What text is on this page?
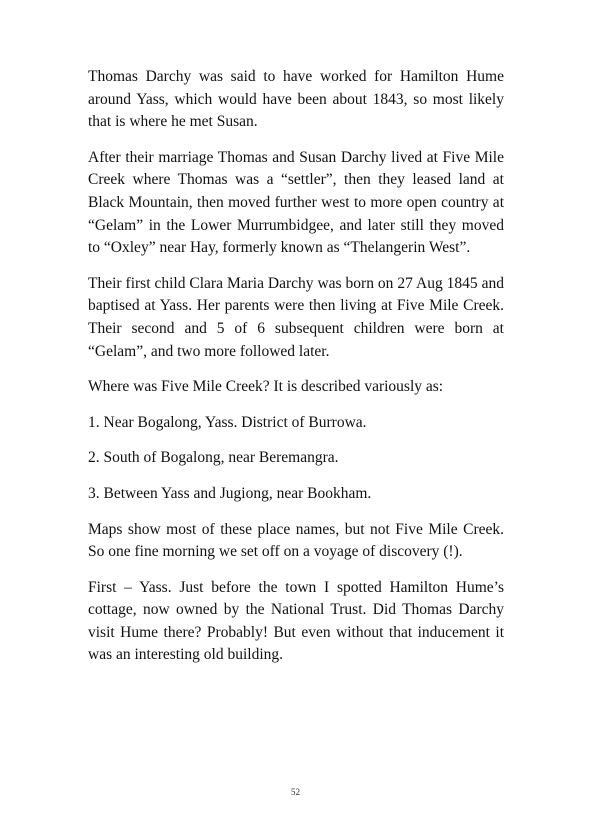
Thomas Darchy was said to have worked for Hamilton Hume around Yass, which would have been about 1843, so most likely that is where he met Susan.

After their marriage Thomas and Susan Darchy lived at Five Mile Creek where Thomas was a “settler”, then they leased land at Black Mountain, then moved further west to more open country at “Gelam” in the Lower Murrumbidgee, and later still they moved to “Oxley” near Hay, formerly known as “Thelangerin West”.

Their first child Clara Maria Darchy was born on 27 Aug 1845 and baptised at Yass. Her parents were then living at Five Mile Creek. Their second and 5 of 6 subsequent children were born at “Gelam”, and two more followed later.

Where was Five Mile Creek? It is described variously as:

1. Near Bogalong, Yass. District of Burrowa.

2. South of Bogalong, near Beremangra.

3. Between Yass and Jugiong, near Bookham.

Maps show most of these place names, but not Five Mile Creek. So one fine morning we set off on a voyage of discovery (!).

First – Yass. Just before the town I spotted Hamilton Hume’s cottage, now owned by the National Trust. Did Thomas Darchy visit Hume there? Probably! But even without that inducement it was an interesting old building.

52
